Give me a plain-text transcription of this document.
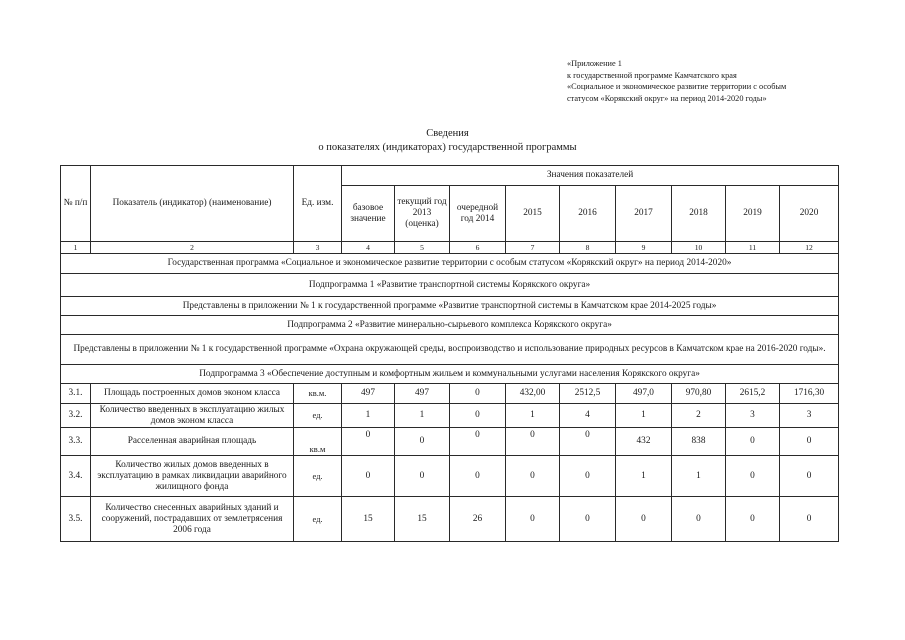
«Приложение 1
к государственной программе Камчатского края
«Социальное и экономическое развитие территории с особым
статусом «Корякский округ» на период 2014-2020 годы»
Сведения
о показателях (индикаторах) государственной программы
№ п/п	Показатель (индикатор) (наименование)	Ед. изм.	Значения показателей								
			базовое значение	текущий год 2013 (оценка)	очередной год 2014	2015	2016	2017	2018	2019	2020
1	2	3	4	5	6	7	8	9	10	11	12
Государственная программа «Социальное и экономическое развитие территории с особым статусом «Корякский округ» на период 2014-2020»											
Подпрограмма 1 «Развитие транспортной системы Корякского округа»											
Представлены в приложении № 1 к государственной программе «Развитие транспортной системы в Камчатском крае 2014-2025 годы»											
Подпрограмма 2 «Развитие минерально-сырьевого комплекса Корякского округа»											
Представлены в приложении № 1 к государственной программе «Охрана окружающей среды, воспроизводство и использование природных ресурсов в Камчатском крае на 2016-2020 годы».											
Подпрограмма 3 «Обеспечение доступным и комфортным жильем и коммунальными услугами населения Корякского округа»											
3.1.	Площадь построенных домов эконом класса	кв.м.	497	497	0	432,00	2512,5	497,0	970,80	2615,2	1716,30
3.2.	Количество введенных в эксплуатацию жилых домов эконом класса	ед.	1	1	0	1	4	1	2	3	3
3.3.	Расселенная аварийная площадь	кв.м	0	0	0	0	0	432	838	0	0
3.4.	Количество жилых домов введенных в эксплуатацию в рамках ликвидации аварийного жилищного фонда	ед.	0	0	0	0	0	1	1	0	0
3.5.	Количество снесенных аварийных зданий и сооружений, пострадавших от землетрясения 2006 года	ед.	15	15	26	0	0	0	0	0	0
